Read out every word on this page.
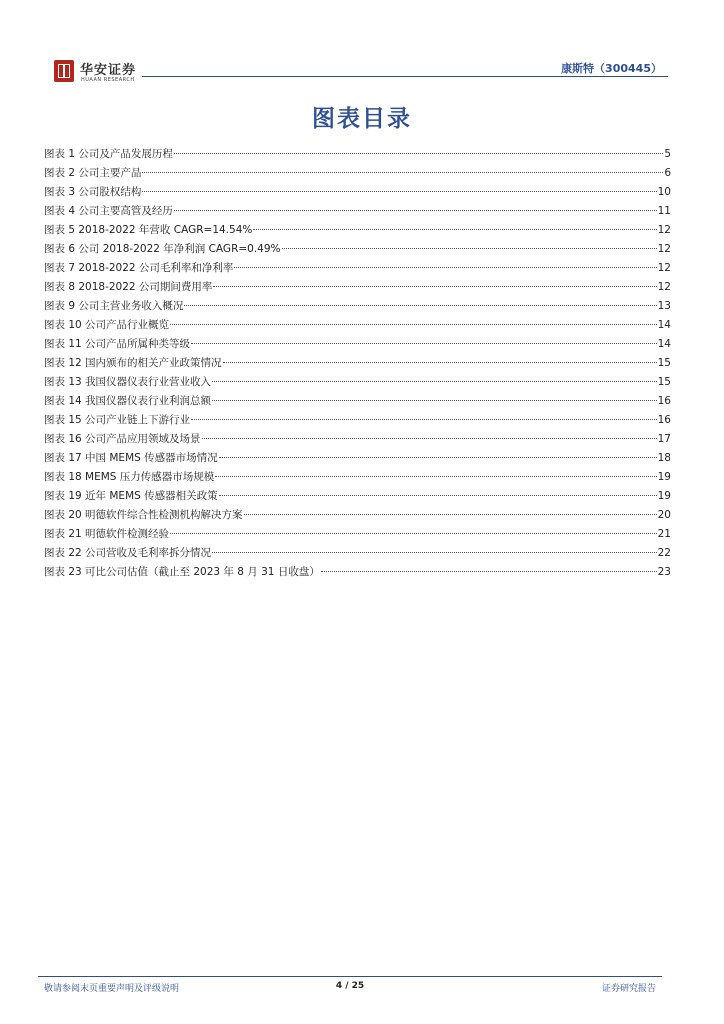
华安证券
HUAAN RESEARCH
康斯特（300445）
图表目录
图表 1 公司及产品发展历程	5
图表 2 公司主要产品	6
图表 3 公司股权结构	10
图表 4 公司主要高管及经历	11
图表 5 2018-2022 年营收 CAGR=14.54%	12
图表 6 公司 2018-2022 年净利润 CAGR=0.49%	12
图表 7 2018-2022 公司毛利率和净利率	12
图表 8 2018-2022 公司期间费用率	12
图表 9 公司主营业务收入概况	13
图表 10 公司产品行业概览	14
图表 11 公司产品所属种类等级	14
图表 12 国内颁布的相关产业政策情况	15
图表 13 我国仪器仪表行业营业收入	15
图表 14 我国仪器仪表行业利润总额	16
图表 15 公司产业链上下游行业	16
图表 16 公司产品应用领域及场景	17
图表 17 中国 MEMS 传感器市场情况	18
图表 18 MEMS 压力传感器市场规模	19
图表 19 近年 MEMS 传感器相关政策	19
图表 20 明德软件综合性检测机构解决方案	20
图表 21 明德软件检测经验	21
图表 22 公司营收及毛利率拆分情况	22
图表 23 可比公司估值（截止至 2023 年 8 月 31 日收盘）	23
敬请参阅末页重要声明及评级说明	4 / 25	证券研究报告
